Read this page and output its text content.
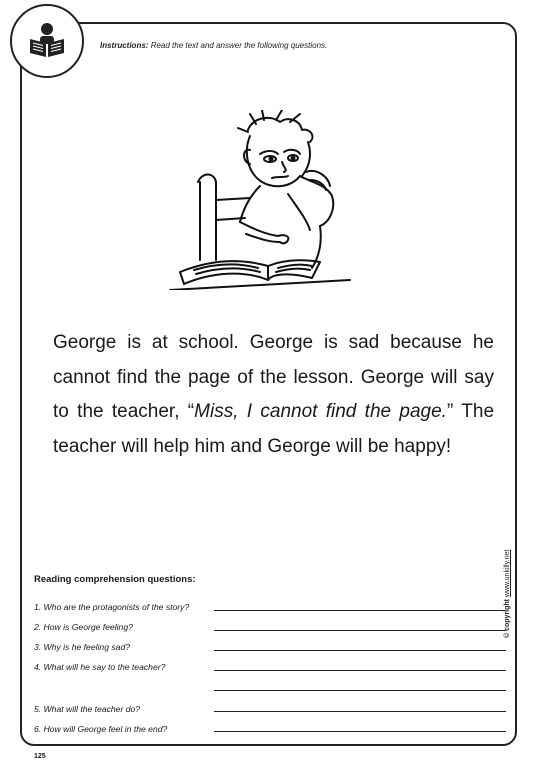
Instructions: Read the text and answer the following questions.
George is at school. George is sad because he cannot find the page of the lesson. George will say to the teacher, “Miss, I cannot find the page.” The teacher will help him and George will be happy!
© copyright www.unkilly.net
Reading comprehension questions:
1. Who are the protagonists of the story?
2. How is George feeling?
3. Why is he feeling sad?
4. What will he say to the teacher?
5. What will the teacher do?
6. How will George feel in the end?
125
